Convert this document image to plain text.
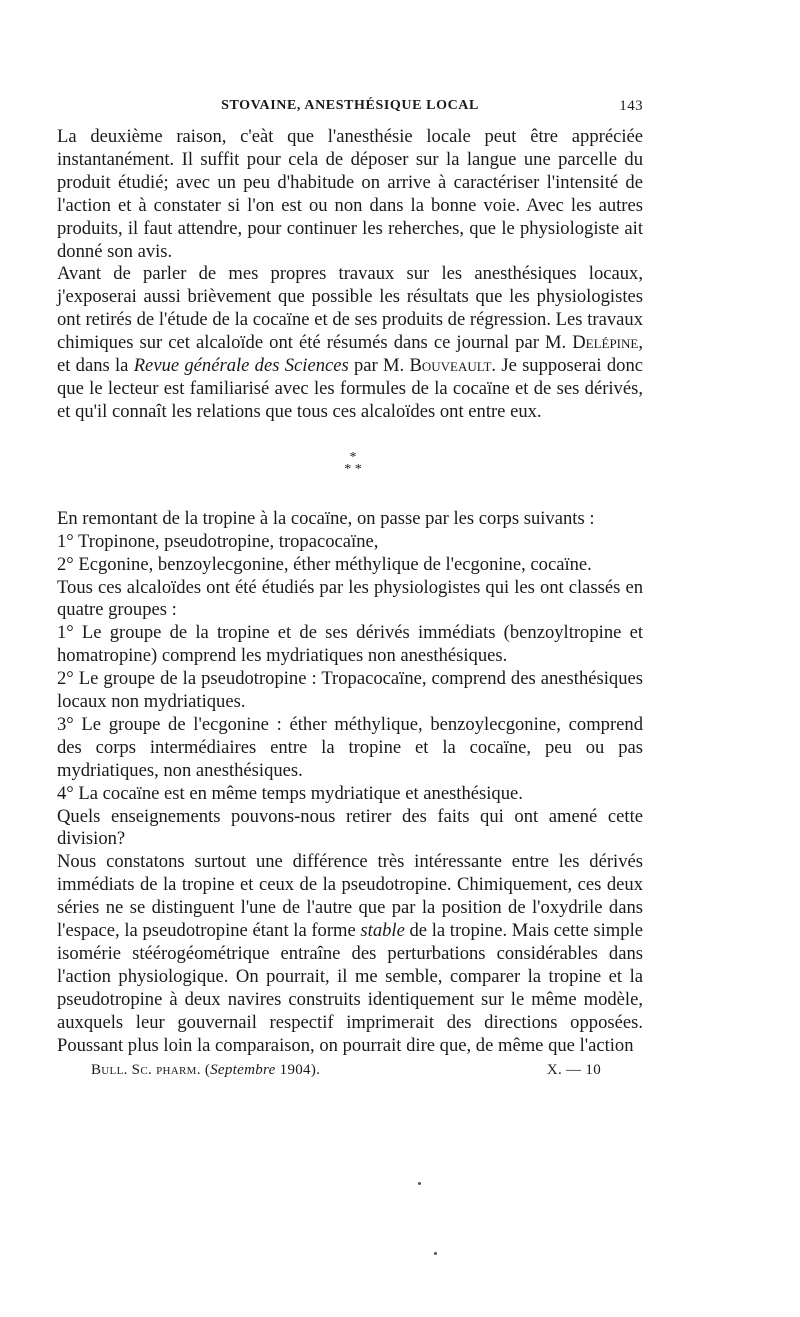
STOVAINE, ANESTHÉSIQUE LOCAL	143

La deuxième raison, c'eàt que l'anesthésie locale peut être appréciée instantanément. Il suffit pour cela de déposer sur la langue une parcelle du produit étudié; avec un peu d'habitude on arrive à caractériser l'intensité de l'action et à constater si l'on est ou non dans la bonne voie. Avec les autres produits, il faut attendre, pour continuer les reherches, que le physiologiste ait donné son avis.

Avant de parler de mes propres travaux sur les anesthésiques locaux, j'exposerai aussi brièvement que possible les résultats que les physiologistes ont retirés de l'étude de la cocaïne et de ses produits de régression. Les travaux chimiques sur cet alcaloïde ont été résumés dans ce journal par M. Delépine, et dans la Revue générale des Sciences par M. Bouveault. Je supposerai donc que le lecteur est familiarisé avec les formules de la cocaïne et de ses dérivés, et qu'il connaît les relations que tous ces alcaloïdes ont entre eux.

*
* *

En remontant de la tropine à la cocaïne, on passe par les corps suivants :

1° Tropinone, pseudotropine, tropacocaïne,

2° Ecgonine, benzoylecgonine, éther méthylique de l'ecgonine, cocaïne.

Tous ces alcaloïdes ont été étudiés par les physiologistes qui les ont classés en quatre groupes :

1° Le groupe de la tropine et de ses dérivés immédiats (benzoyltropine et homatropine) comprend les mydriatiques non anesthésiques.

2° Le groupe de la pseudotropine : Tropacocaïne, comprend des anesthésiques locaux non mydriatiques.

3° Le groupe de l'ecgonine : éther méthylique, benzoylecgonine, comprend des corps intermédiaires entre la tropine et la cocaïne, peu ou pas mydriatiques, non anesthésiques.

4° La cocaïne est en même temps mydriatique et anesthésique.

Quels enseignements pouvons-nous retirer des faits qui ont amené cette division?

Nous constatons surtout une différence très intéressante entre les dérivés immédiats de la tropine et ceux de la pseudotropine. Chimiquement, ces deux séries ne se distinguent l'une de l'autre que par la position de l'oxydrile dans l'espace, la pseudotropine étant la forme stable de la tropine. Mais cette simple isomérie stéérogéométrique entraîne des perturbations considérables dans l'action physiologique. On pourrait, il me semble, comparer la tropine et la pseudotropine à deux navires construits identiquement sur le même modèle, auxquels leur gouvernail respectif imprimerait des directions opposées. Poussant plus loin la comparaison, on pourrait dire que, de même que l'action

Bull. Sc. pharm. (Septembre 1904).	X. — 10
